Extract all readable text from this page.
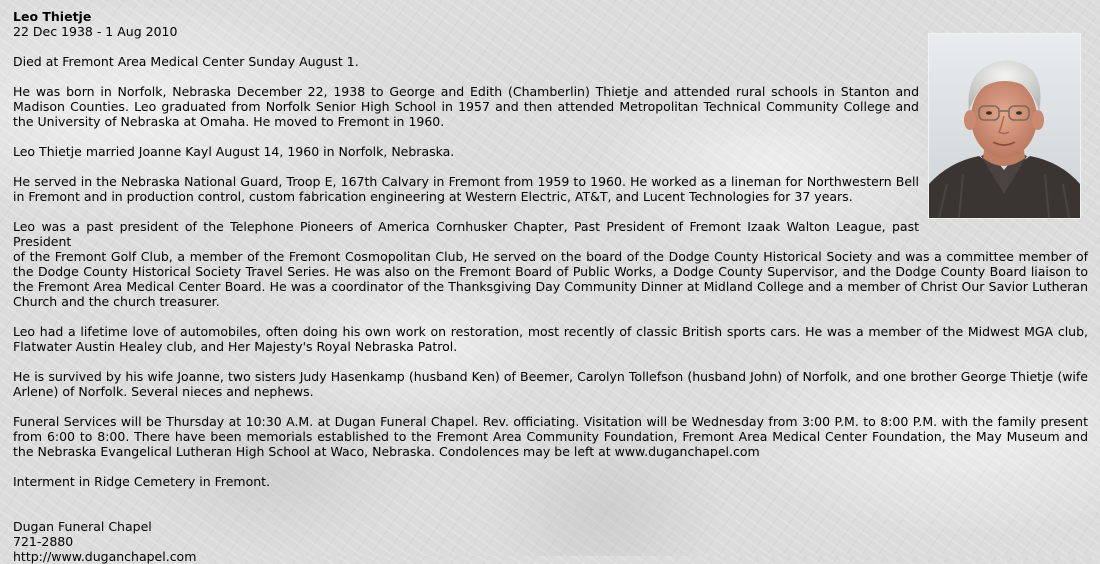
Leo Thietje
22 Dec 1938 - 1 Aug 2010

Died at Fremont Area Medical Center Sunday August 1.

He was born in Norfolk, Nebraska December 22, 1938 to George and Edith (Chamberlin) Thietje and attended rural schools in Stanton and Madison Counties. Leo graduated from Norfolk Senior High School in 1957 and then attended Metropolitan Technical Community College and the University of Nebraska at Omaha. He moved to Fremont in 1960.

Leo Thietje married Joanne Kayl August 14, 1960 in Norfolk, Nebraska.

He served in the Nebraska National Guard, Troop E, 167th Calvary in Fremont from 1959 to 1960. He worked as a lineman for Northwestern Bell in Fremont and in production control, custom fabrication engineering at Western Electric, AT&T, and Lucent Technologies for 37 years.

Leo was a past president of the Telephone Pioneers of America Cornhusker Chapter, Past President of Fremont Izaak Walton League, past President

of the Fremont Golf Club, a member of the Fremont Cosmopolitan Club, He served on the board of the Dodge County Historical Society and was a committee member of the Dodge County Historical Society Travel Series. He was also on the Fremont Board of Public Works, a Dodge County Supervisor, and the Dodge County Board liaison to the Fremont Area Medical Center Board. He was a coordinator of the Thanksgiving Day Community Dinner at Midland College and a member of Christ Our Savior Lutheran Church and the church treasurer.

Leo had a lifetime love of automobiles, often doing his own work on restoration, most recently of classic British sports cars. He was a member of the Midwest MGA club, Flatwater Austin Healey club, and Her Majesty's Royal Nebraska Patrol.

He is survived by his wife Joanne, two sisters Judy Hasenkamp (husband Ken) of Beemer, Carolyn Tollefson (husband John) of Norfolk, and one brother George Thietje (wife Arlene) of Norfolk. Several nieces and nephews.

Funeral Services will be Thursday at 10:30 A.M. at Dugan Funeral Chapel. Rev. officiating. Visitation will be Wednesday from 3:00 P.M. to 8:00 P.M. with the family present from 6:00 to 8:00. There have been memorials established to the Fremont Area Community Foundation, Fremont Area Medical Center Foundation, the May Museum and the Nebraska Evangelical Lutheran High School at Waco, Nebraska. Condolences may be left at www.duganchapel.com

Interment in Ridge Cemetery in Fremont.

Dugan Funeral Chapel
721-2880
http://www.duganchapel.com
